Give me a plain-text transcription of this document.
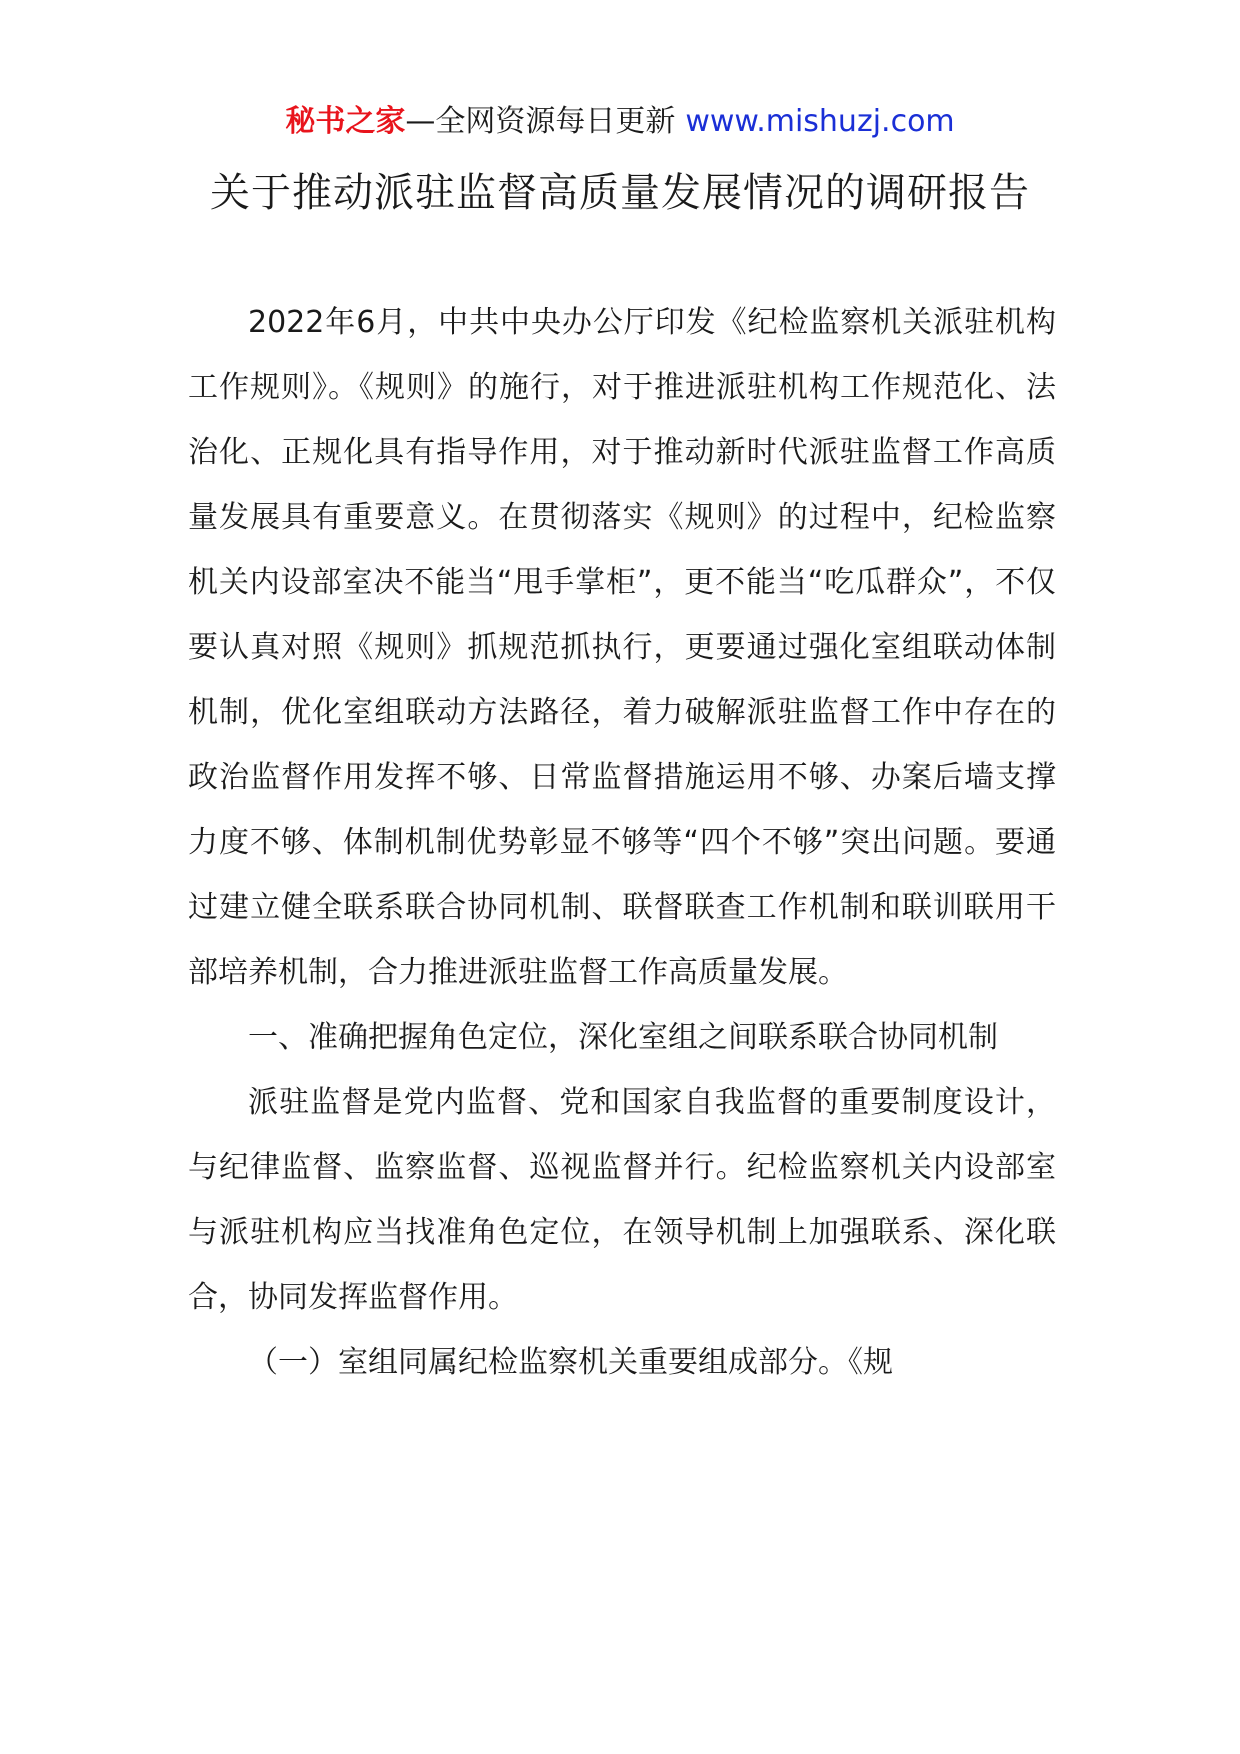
秘书之家—全网资源每日更新 www.mishuzj.com
关于推动派驻监督高质量发展情况的调研报告

2022年6月，中共中央办公厅印发《纪检监察机关派驻机构工作规则》。《规则》的施行，对于推进派驻机构工作规范化、法治化、正规化具有指导作用，对于推动新时代派驻监督工作高质量发展具有重要意义。在贯彻落实《规则》的过程中，纪检监察机关内设部室决不能当“甩手掌柜”，更不能当“吃瓜群众”，不仅要认真对照《规则》抓规范抓执行，更要通过强化室组联动体制机制，优化室组联动方法路径，着力破解派驻监督工作中存在的政治监督作用发挥不够、日常监督措施运用不够、办案后墙支撑力度不够、体制机制优势彰显不够等“四个不够”突出问题。要通过建立健全联系联合协同机制、联督联查工作机制和联训联用干部培养机制，合力推进派驻监督工作高质量发展。

一、准确把握角色定位，深化室组之间联系联合协同机制

派驻监督是党内监督、党和国家自我监督的重要制度设计，与纪律监督、监察监督、巡视监督并行。纪检监察机关内设部室与派驻机构应当找准角色定位，在领导机制上加强联系、深化联合，协同发挥监督作用。

（一）室组同属纪检监察机关重要组成部分。《规
